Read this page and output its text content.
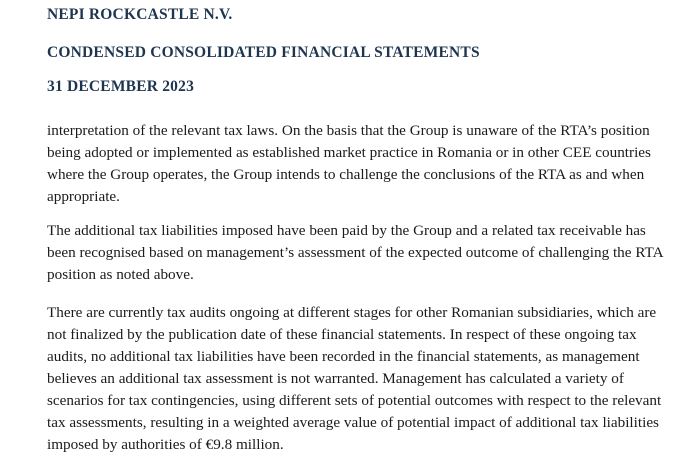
NEPI ROCKCASTLE N.V.

CONDENSED CONSOLIDATED FINANCIAL STATEMENTS

31 DECEMBER 2023

interpretation of the relevant tax laws. On the basis that the Group is unaware of the RTA’s position
being adopted or implemented as established market practice in Romania or in other CEE countries
where the Group operates, the Group intends to challenge the conclusions of the RTA as and when
appropriate.

The additional tax liabilities imposed have been paid by the Group and a related tax receivable has
been recognised based on management’s assessment of the expected outcome of challenging the RTA
position as noted above.

There are currently tax audits ongoing at different stages for other Romanian subsidiaries, which are
not finalized by the publication date of these financial statements. In respect of these ongoing tax
audits, no additional tax liabilities have been recorded in the financial statements, as management
believes an additional tax assessment is not warranted. Management has calculated a variety of
scenarios for tax contingencies, using different sets of potential outcomes with respect to the relevant
tax assessments, resulting in a weighted average value of potential impact of additional tax liabilities
imposed by authorities of €9.8 million.
